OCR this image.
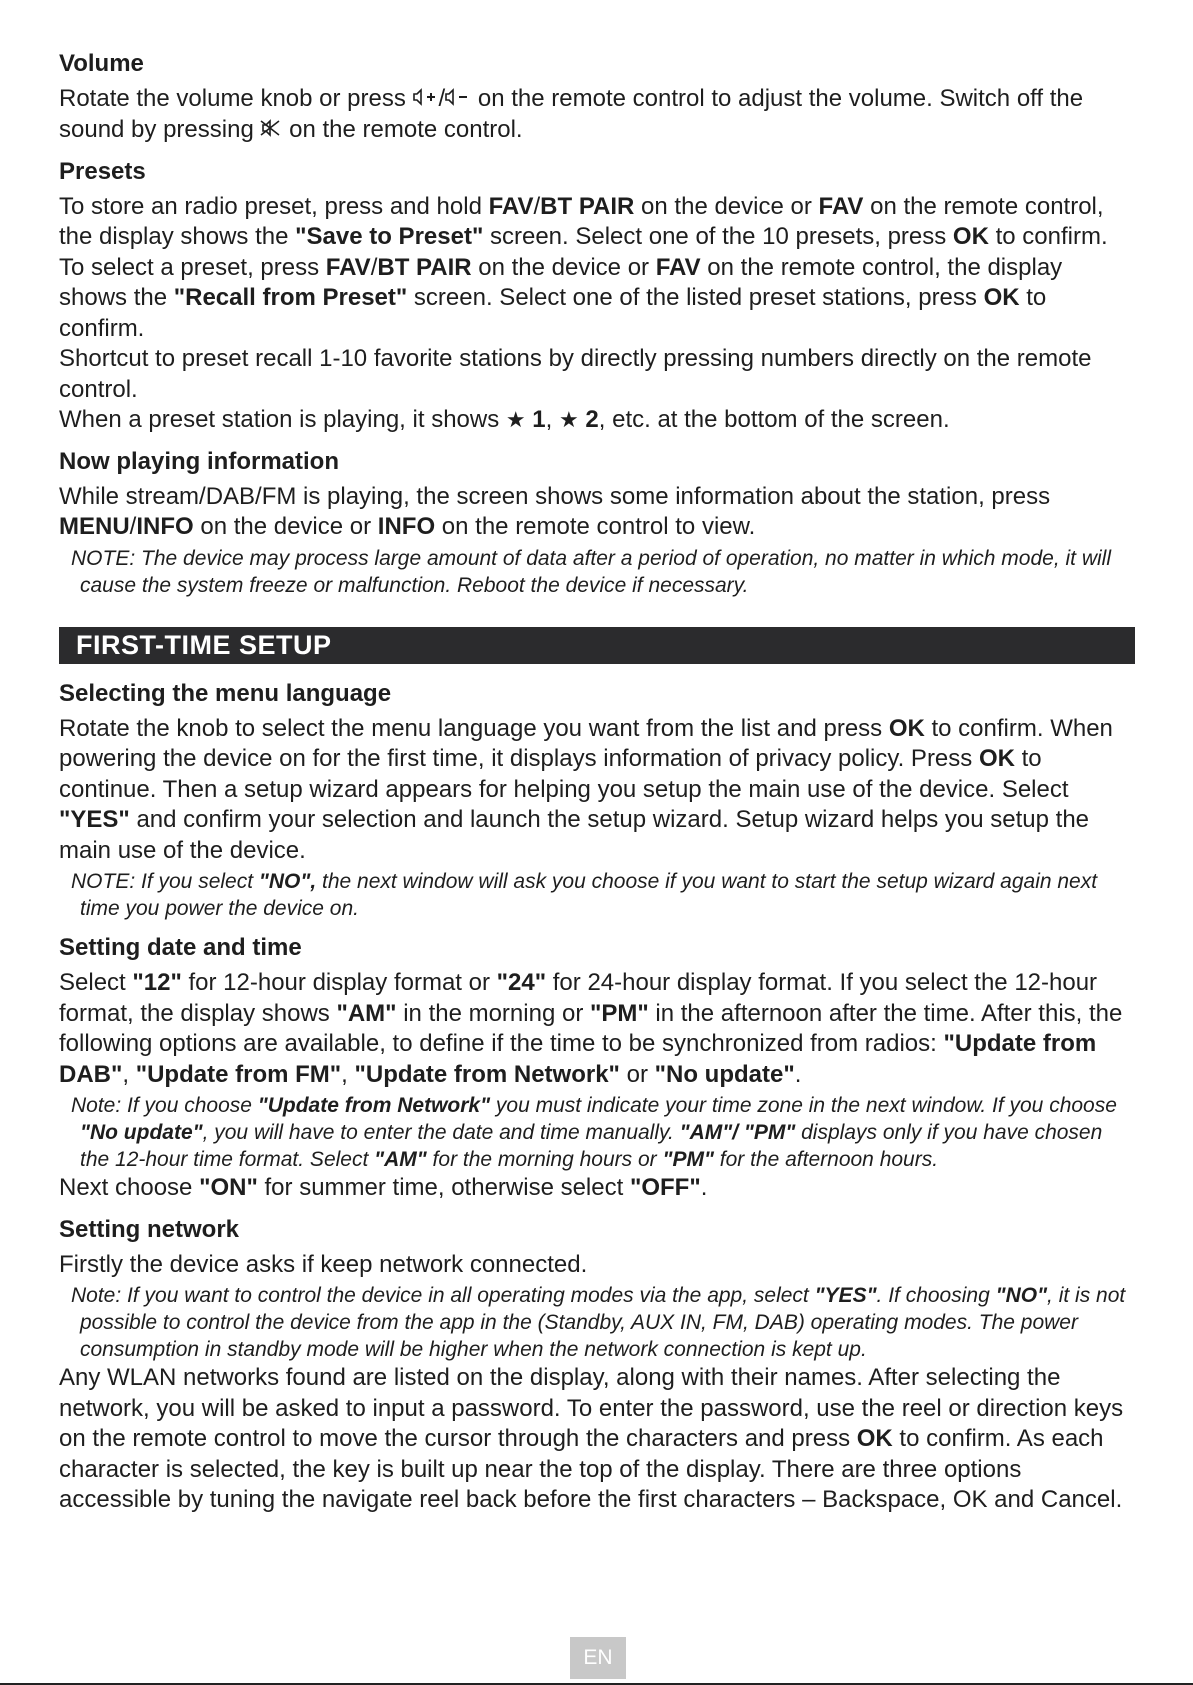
Volume

Rotate the volume knob or press / on the remote control to adjust the volume. Switch off the sound by pressing  on the remote control.

Presets

To store an radio preset, press and hold FAV/BT PAIR on the device or FAV on the remote control, the display shows the "Save to Preset" screen. Select one of the 10 presets, press OK to confirm.

To select a preset, press FAV/BT PAIR on the device or FAV on the remote control, the display shows the "Recall from Preset" screen. Select one of the listed preset stations, press OK to confirm.

Shortcut to preset recall 1-10 favorite stations by directly pressing numbers directly on the remote control.

When a preset station is playing, it shows ★ 1, ★ 2, etc. at the bottom of the screen.

Now playing information

While stream/DAB/FM is playing, the screen shows some information about the station, press MENU/INFO on the device or INFO on the remote control to view.

NOTE: The device may process large amount of data after a period of operation, no matter in which mode, it will cause the system freeze or malfunction. Reboot the device if necessary.

FIRST-TIME SETUP
Selecting the menu language

Rotate the knob to select the menu language you want from the list and press OK to confirm. When powering the device on for the first time, it displays information of privacy policy. Press OK to continue. Then a setup wizard appears for helping you setup the main use of the device. Select "YES" and confirm your selection and launch the setup wizard. Setup wizard helps you setup the main use of the device.

NOTE: If you select "NO", the next window will ask you choose if you want to start the setup wizard again next time you power the device on.

Setting date and time

Select "12" for 12-hour display format or "24" for 24-hour display format. If you select the 12-hour format, the display shows "AM" in the morning or "PM" in the afternoon after the time. After this, the following options are available, to define if the time to be synchronized from radios: "Update from DAB", "Update from FM", "Update from Network" or "No update".

Note: If you choose "Update from Network" you must indicate your time zone in the next window. If you choose "No update", you will have to enter the date and time manually. "AM"/ "PM" displays only if you have chosen the 12-hour time format. Select "AM" for the morning hours or "PM" for the afternoon hours.

Next choose "ON" for summer time, otherwise select "OFF".

Setting network

Firstly the device asks if keep network connected.

Note: If you want to control the device in all operating modes via the app, select "YES". If choosing "NO", it is not possible to control the device from the app in the (Standby, AUX IN, FM, DAB) operating modes. The power consumption in standby mode will be higher when the network connection is kept up.

Any WLAN networks found are listed on the display, along with their names. After selecting the network, you will be asked to input a password. To enter the password, use the reel or direction keys on the remote control to move the cursor through the characters and press OK to confirm. As each character is selected, the key is built up near the top of the display. There are three options accessible by tuning the navigate reel back before the first characters – Backspace, OK and Cancel.

EN
